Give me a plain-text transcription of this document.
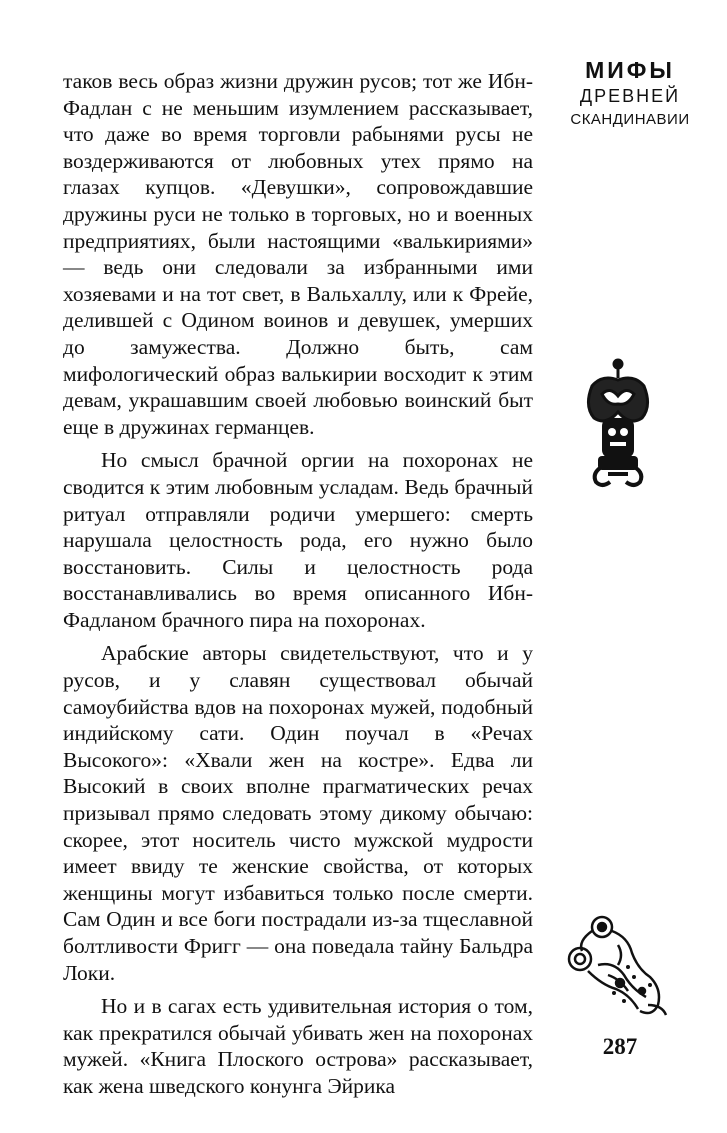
МИФЫ
ДРЕВНЕЙ
СКАНДИНАВИИ

таков весь образ жизни дружин русов; тот же Ибн-Фадлан с не меньшим изумлением рассказывает, что даже во время торговли рабынями русы не воздерживаются от любовных утех прямо на глазах купцов. «Девушки», сопровождавшие дружины руси не только в торговых, но и военных предприятиях, были настоящими «валькириями» — ведь они следовали за избранными ими хозяевами и на тот свет, в Вальхаллу, или к Фрейе, делившей с Одином воинов и девушек, умерших до замужества. Должно быть, сам мифологический образ валькирии восходит к этим девам, украшавшим своей любовью воинский быт еще в дружинах германцев.

Но смысл брачной оргии на похоронах не сводится к этим любовным усладам. Ведь брачный ритуал отправляли родичи умершего: смерть нарушала целостность рода, его нужно было восстановить. Силы и целостность рода восстанавливались во время описанного Ибн-Фадланом брачного пира на похоронах.

Арабские авторы свидетельствуют, что и у русов, и у славян существовал обычай самоубийства вдов на похоронах мужей, подобный индийскому сати. Один поучал в «Речах Высокого»: «Хвали жен на костре». Едва ли Высокий в своих вполне прагматических речах призывал прямо следовать этому дикому обычаю: скорее, этот носитель чисто мужской мудрости имеет ввиду те женские свойства, от которых женщины могут избавиться только после смерти. Сам Один и все боги пострадали из-за тщеславной болтливости Фригг — она поведала тайну Бальдра Локи.

Но и в сагах есть удивительная история о том, как прекратился обычай убивать жен на похоронах мужей. «Книга Плоского острова» рассказывает, как жена шведского конунга Эйрика

287
